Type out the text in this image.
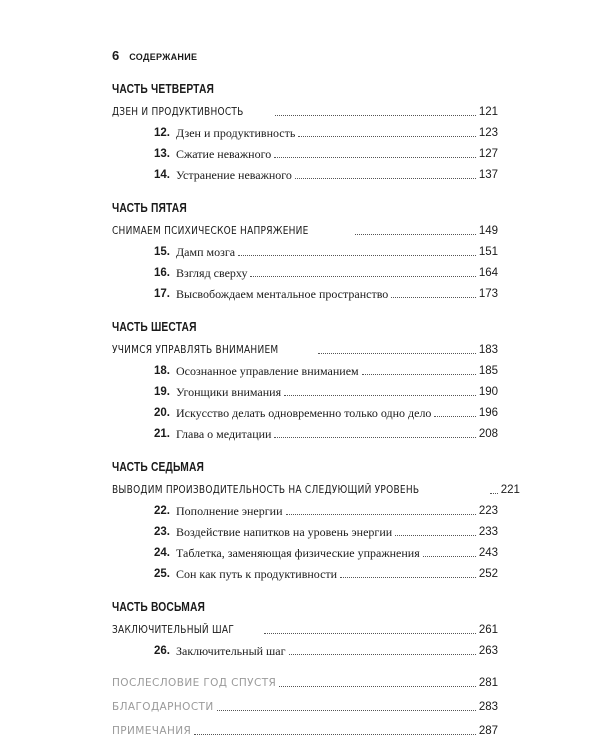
6 СОДЕРЖАНИЕ
ЧАСТЬ ЧЕТВЕРТАЯ
ДЗЕН И ПРОДУКТИВНОСТЬ	121
12. Дзен и продуктивность	123
13. Сжатие неважного	127
14. Устранение неважного	137
ЧАСТЬ ПЯТАЯ
СНИМАЕМ ПСИХИЧЕСКОЕ НАПРЯЖЕНИЕ	149
15. Дамп мозга	151
16. Взгляд сверху	164
17. Высвобождаем ментальное пространство	173
ЧАСТЬ ШЕСТАЯ
УЧИМСЯ УПРАВЛЯТЬ ВНИМАНИЕМ	183
18. Осознанное управление вниманием	185
19. Угонщики внимания	190
20. Искусство делать одновременно только одно дело	196
21. Глава о медитации	208
ЧАСТЬ СЕДЬМАЯ
ВЫВОДИМ ПРОИЗВОДИТЕЛЬНОСТЬ НА СЛЕДУЮЩИЙ УРОВЕНЬ	221
22. Пополнение энергии	223
23. Воздействие напитков на уровень энергии	233
24. Таблетка, заменяющая физические упражнения	243
25. Сон как путь к продуктивности	252
ЧАСТЬ ВОСЬМАЯ
ЗАКЛЮЧИТЕЛЬНЫЙ ШАГ	261
26. Заключительный шаг	263
ПОСЛЕСЛОВИЕ ГОД СПУСТЯ	281
БЛАГОДАРНОСТИ	283
ПРИМЕЧАНИЯ	287
